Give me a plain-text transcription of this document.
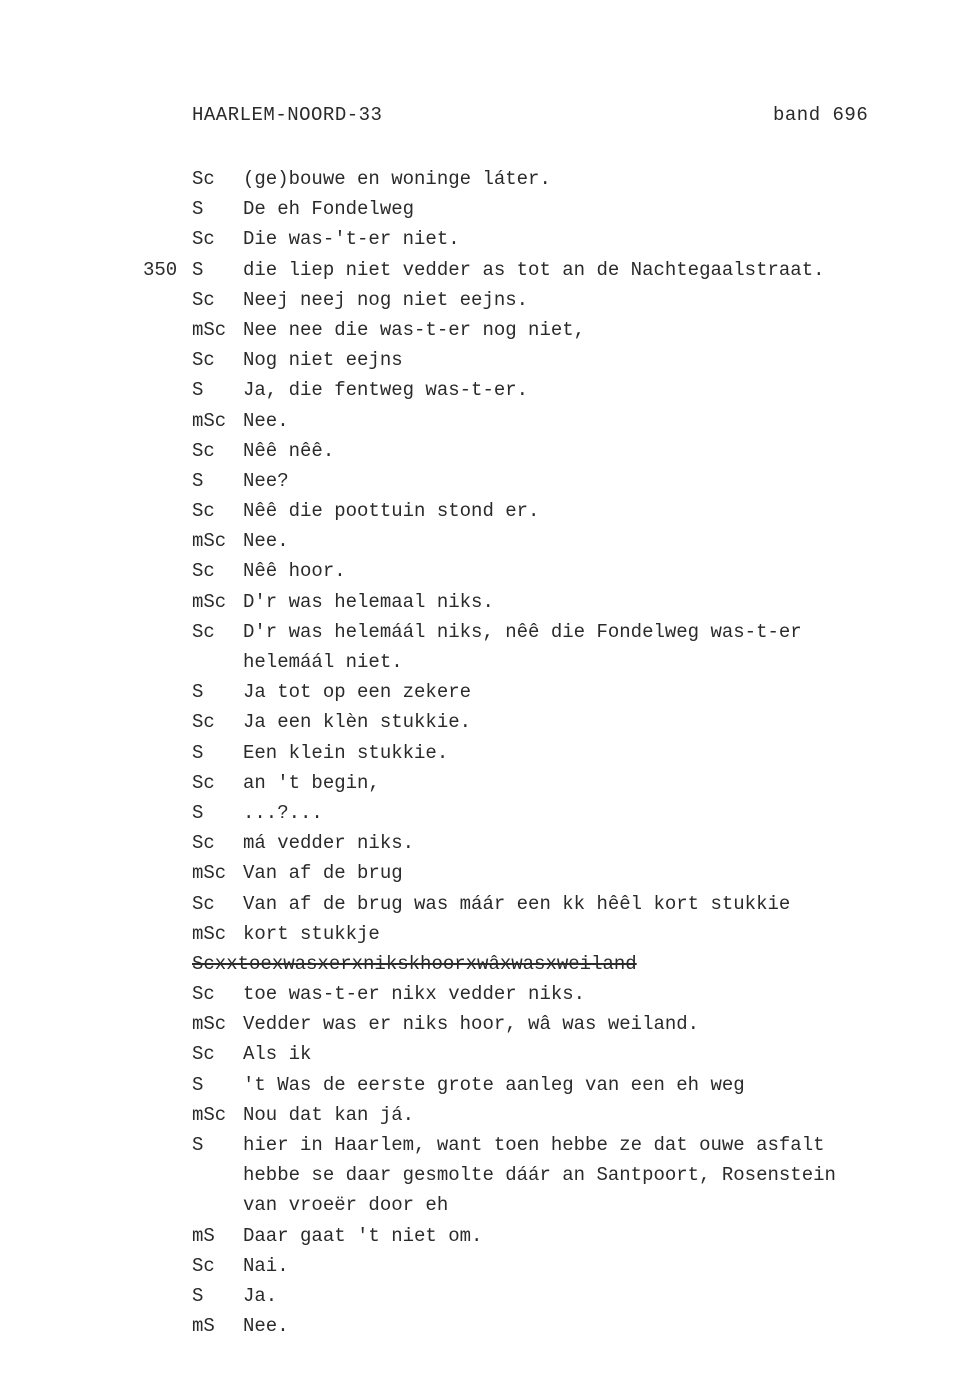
HAARLEM-NOORD-33	band 696
Sc (ge)bouwe en woninge láter.
S De eh Fondelweg
Sc Die was-'t-er niet.
350 S die liep niet vedder as tot an de Nachtegaalstraat.
Sc Neej neej nog niet eejns.
mSc Nee nee die was-t-er nog niet,
Sc Nog niet eejns
S Ja, die fentweg was-t-er.
mSc Nee.
Sc Nêê nêê.
S Nee?
Sc Nêê die poottuin stond er.
mSc Nee.
Sc Nêê hoor.
mSc D'r was helemaal niks.
Sc D'r was helemáál niks, nêê die Fondelweg was-t-er
helemáál niet.
S Ja tot op een zekere
Sc Ja een klèn stukkie.
S Een klein stukkie.
Sc an 't begin,
S ...?...
Sc má vedder niks.
mSc Van af de brug
Sc Van af de brug was máár een kk hêêl kort stukkie
mSc kort stukkje
Scxxtoexwasxerxnikskhoorxwâxwasxweiland
Sc toe was-t-er nikx vedder niks.
mSc Vedder was er niks hoor, wâ was weiland.
Sc Als ik
S 't Was de eerste grote aanleg van een eh weg
mSc Nou dat kan já.
S hier in Haarlem, want toen hebbe ze dat ouwe asfalt
hebbe se daar gesmolte dáár an Santpoort, Rosenstein
van vroeër door eh
mS Daar gaat 't niet om.
Sc Nai.
S Ja.
mS Nee.
